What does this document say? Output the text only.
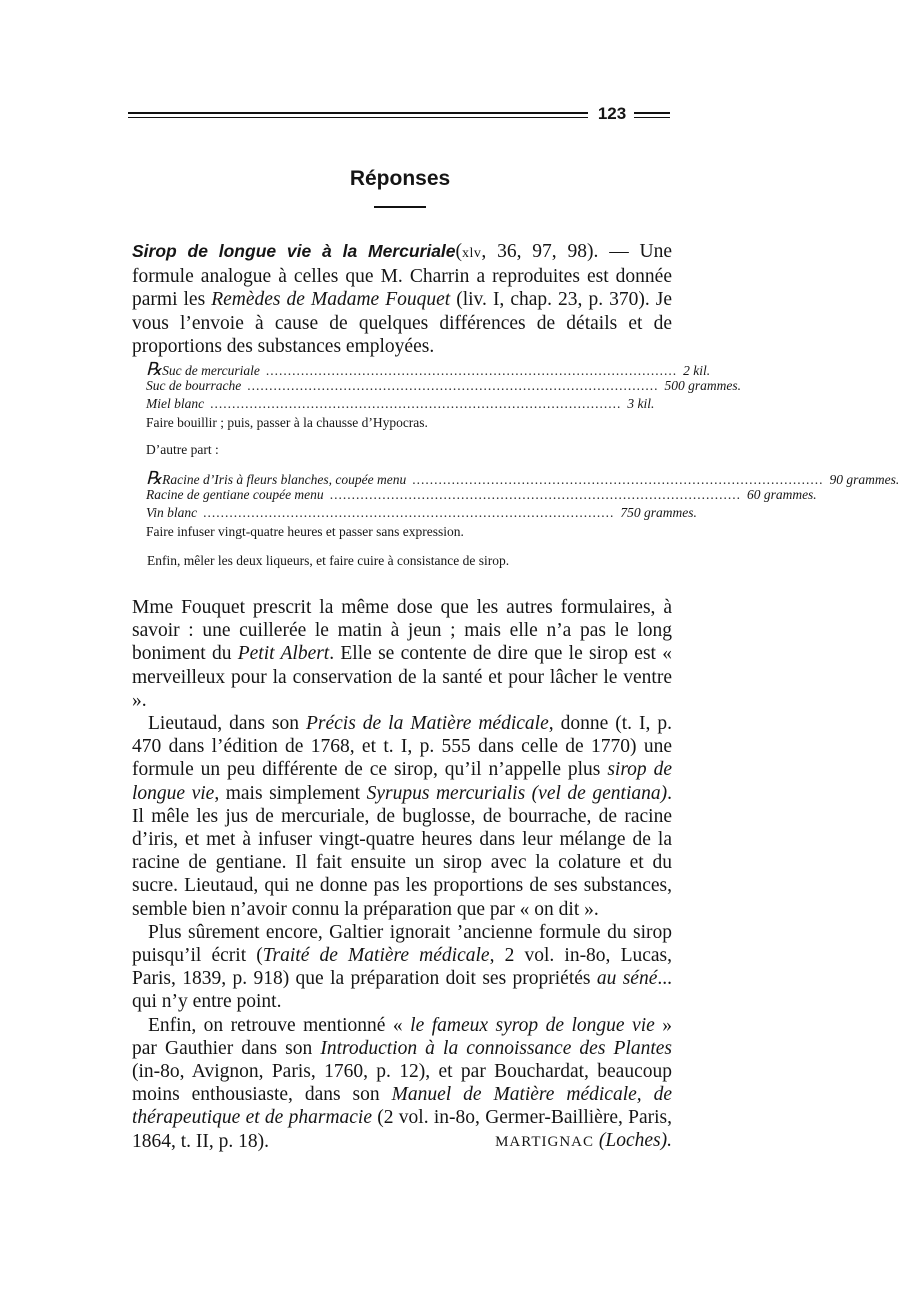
123
Réponses

Sirop de longue vie à la Mercuriale(xlv, 36, 97, 98). — Une formule analogue à celles que M. Charrin a reproduites est donnée parmi les Remèdes de Madame Fouquet (liv. I, chap. 23, p. 370). Je vous l’envoie à cause de quelques différences de détails et de proportions des substances employées.

℞ Suc de mercuriale .............................................................................................. 2 kil.
Suc de bourrache .............................................................................................. 500 grammes.
Miel blanc .............................................................................................. 3 kil.
Faire bouillir ; puis, passer à la chausse d’Hypocras.
D’autre part :
℞ Racine d’Iris à fleurs blanches, coupée menu .............................................................................................. 90 grammes.
Racine de gentiane coupée menu .............................................................................................. 60 grammes.
Vin blanc .............................................................................................. 750 grammes.
Faire infuser vingt-quatre heures et passer sans expression.
Enfin, mêler les deux liqueurs, et faire cuire à consistance de sirop.

Mme Fouquet prescrit la même dose que les autres formulaires, à savoir : une cuillerée le matin à jeun ; mais elle n’a pas le long boniment du Petit Albert. Elle se contente de dire que le sirop est « merveilleux pour la conservation de la santé et pour lâcher le ventre ».

Lieutaud, dans son Précis de la Matière médicale, donne (t. I, p. 470 dans l’édition de 1768, et t. I, p. 555 dans celle de 1770) une formule un peu différente de ce sirop, qu’il n’appelle plus sirop de longue vie, mais simplement Syrupus mercurialis (vel de gentiana). Il mêle les jus de mercuriale, de buglosse, de bourrache, de racine d’iris, et met à infuser vingt-quatre heures dans leur mélange de la racine de gentiane. Il fait ensuite un sirop avec la colature et du sucre. Lieutaud, qui ne donne pas les proportions de ses substances, semble bien n’avoir connu la préparation que par « on dit ».

Plus sûrement encore, Galtier ignorait ’ancienne formule du sirop puisqu’il écrit (Traité de Matière médicale, 2 vol. in-8o, Lucas, Paris, 1839, p. 918) que la préparation doit ses propriétés au séné... qui n’y entre point.

Enfin, on retrouve mentionné « le fameux syrop de longue vie » par Gauthier dans son Introduction à la connoissance des Plantes (in-8o, Avignon, Paris, 1760, p. 12), et par Bouchardat, beaucoup moins enthousiaste, dans son Manuel de Matière médicale, de thérapeutique et de pharmacie (2 vol. in-8o, Germer-Baillière, Paris, 1864, t. II, p. 18).	MARTIGNAC (Loches).
